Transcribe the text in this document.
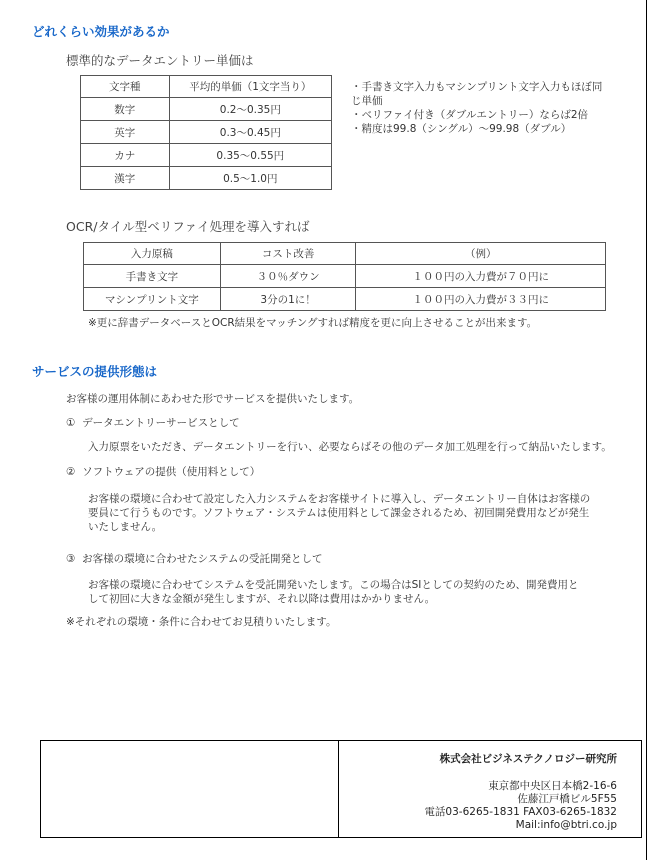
どれくらい効果があるか
標準的なデータエントリー単価は
文字種	平均的単価（1文字当り）
数字	0.2〜0.35円
英字	0.3〜0.45円
カナ	0.35〜0.55円
漢字	0.5〜1.0円
・手書き文字入力もマシンプリント文字入力もほぼ同
じ単価
・ベリファイ付き（ダブルエントリー）ならば2倍
・精度は99.8（シングル）〜99.98（ダブル）
OCR/タイル型ベリファイ処理を導入すれば
入力原稿	コスト改善	（例）
手書き文字	３０％ダウン	１００円の入力費が７０円に
マシンプリント文字	3分の1に！	１００円の入力費が３３円に
※更に辞書データベースとOCR結果をマッチングすれば精度を更に向上させることが出来ます。
サービスの提供形態は
お客様の運用体制にあわせた形でサービスを提供いたします。
① データエントリーサービスとして
入力原票をいただき、データエントリーを行い、必要ならばその他のデータ加工処理を行って納品いたします。
② ソフトウェアの提供（使用料として）
お客様の環境に合わせて設定した入力システムをお客様サイトに導入し、データエントリー自体はお客様の
要員にて行うものです。ソフトウェア・システムは使用料として課金されるため、初回開発費用などが発生
いたしません。
③ お客様の環境に合わせたシステムの受託開発として
お客様の環境に合わせてシステムを受託開発いたします。この場合はSIとしての契約のため、開発費用と
して初回に大きな金額が発生しますが、それ以降は費用はかかりません。
※それぞれの環境・条件に合わせてお見積りいたします。
株式会社ビジネステクノロジー研究所
東京都中央区日本橋2-16-6
佐藤江戸橋ビル5F55
電話03-6265-1831 FAX03-6265-1832
Mail:info@btri.co.jp
